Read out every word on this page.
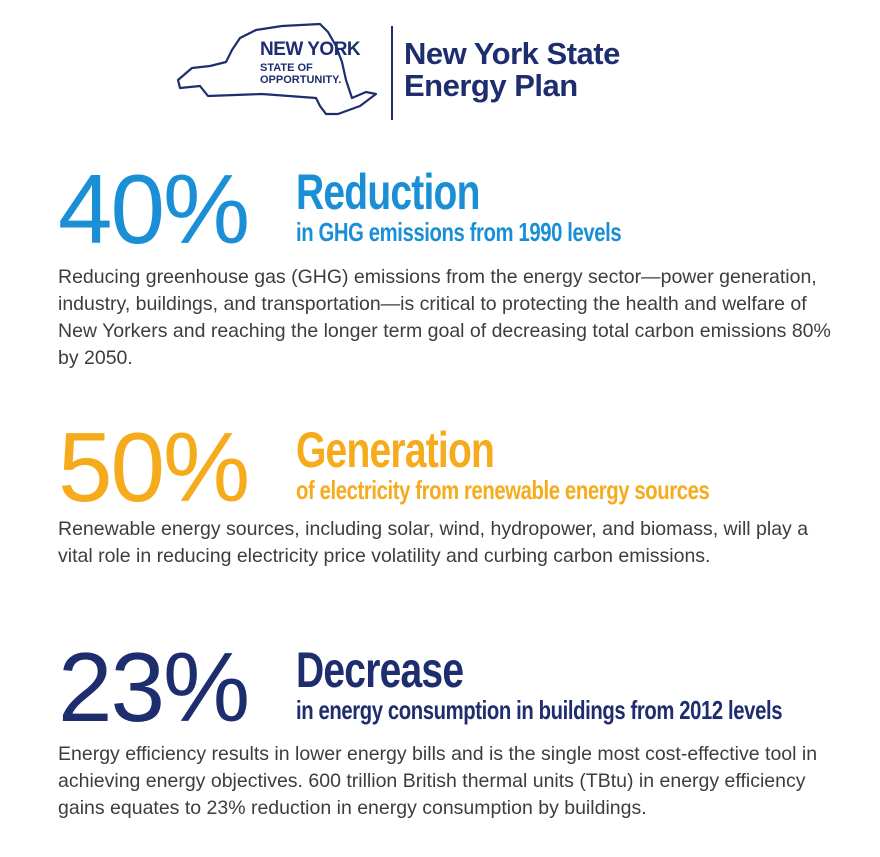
NEW YORK
STATE OF
OPPORTUNITY.
New York State
Energy Plan
40% Reduction
in GHG emissions from 1990 levels
Reducing greenhouse gas (GHG) emissions from the energy sector—power generation, industry, buildings, and transportation—is critical to protecting the health and welfare of New Yorkers and reaching the longer term goal of decreasing total carbon emissions 80% by 2050.
50% Generation
of electricity from renewable energy sources
Renewable energy sources, including solar, wind, hydropower, and biomass, will play a vital role in reducing electricity price volatility and curbing carbon emissions.
23% Decrease
in energy consumption in buildings from 2012 levels
Energy efficiency results in lower energy bills and is the single most cost-effective tool in achieving energy objectives. 600 trillion British thermal units (TBtu) in energy efficiency gains equates to 23% reduction in energy consumption by buildings.
